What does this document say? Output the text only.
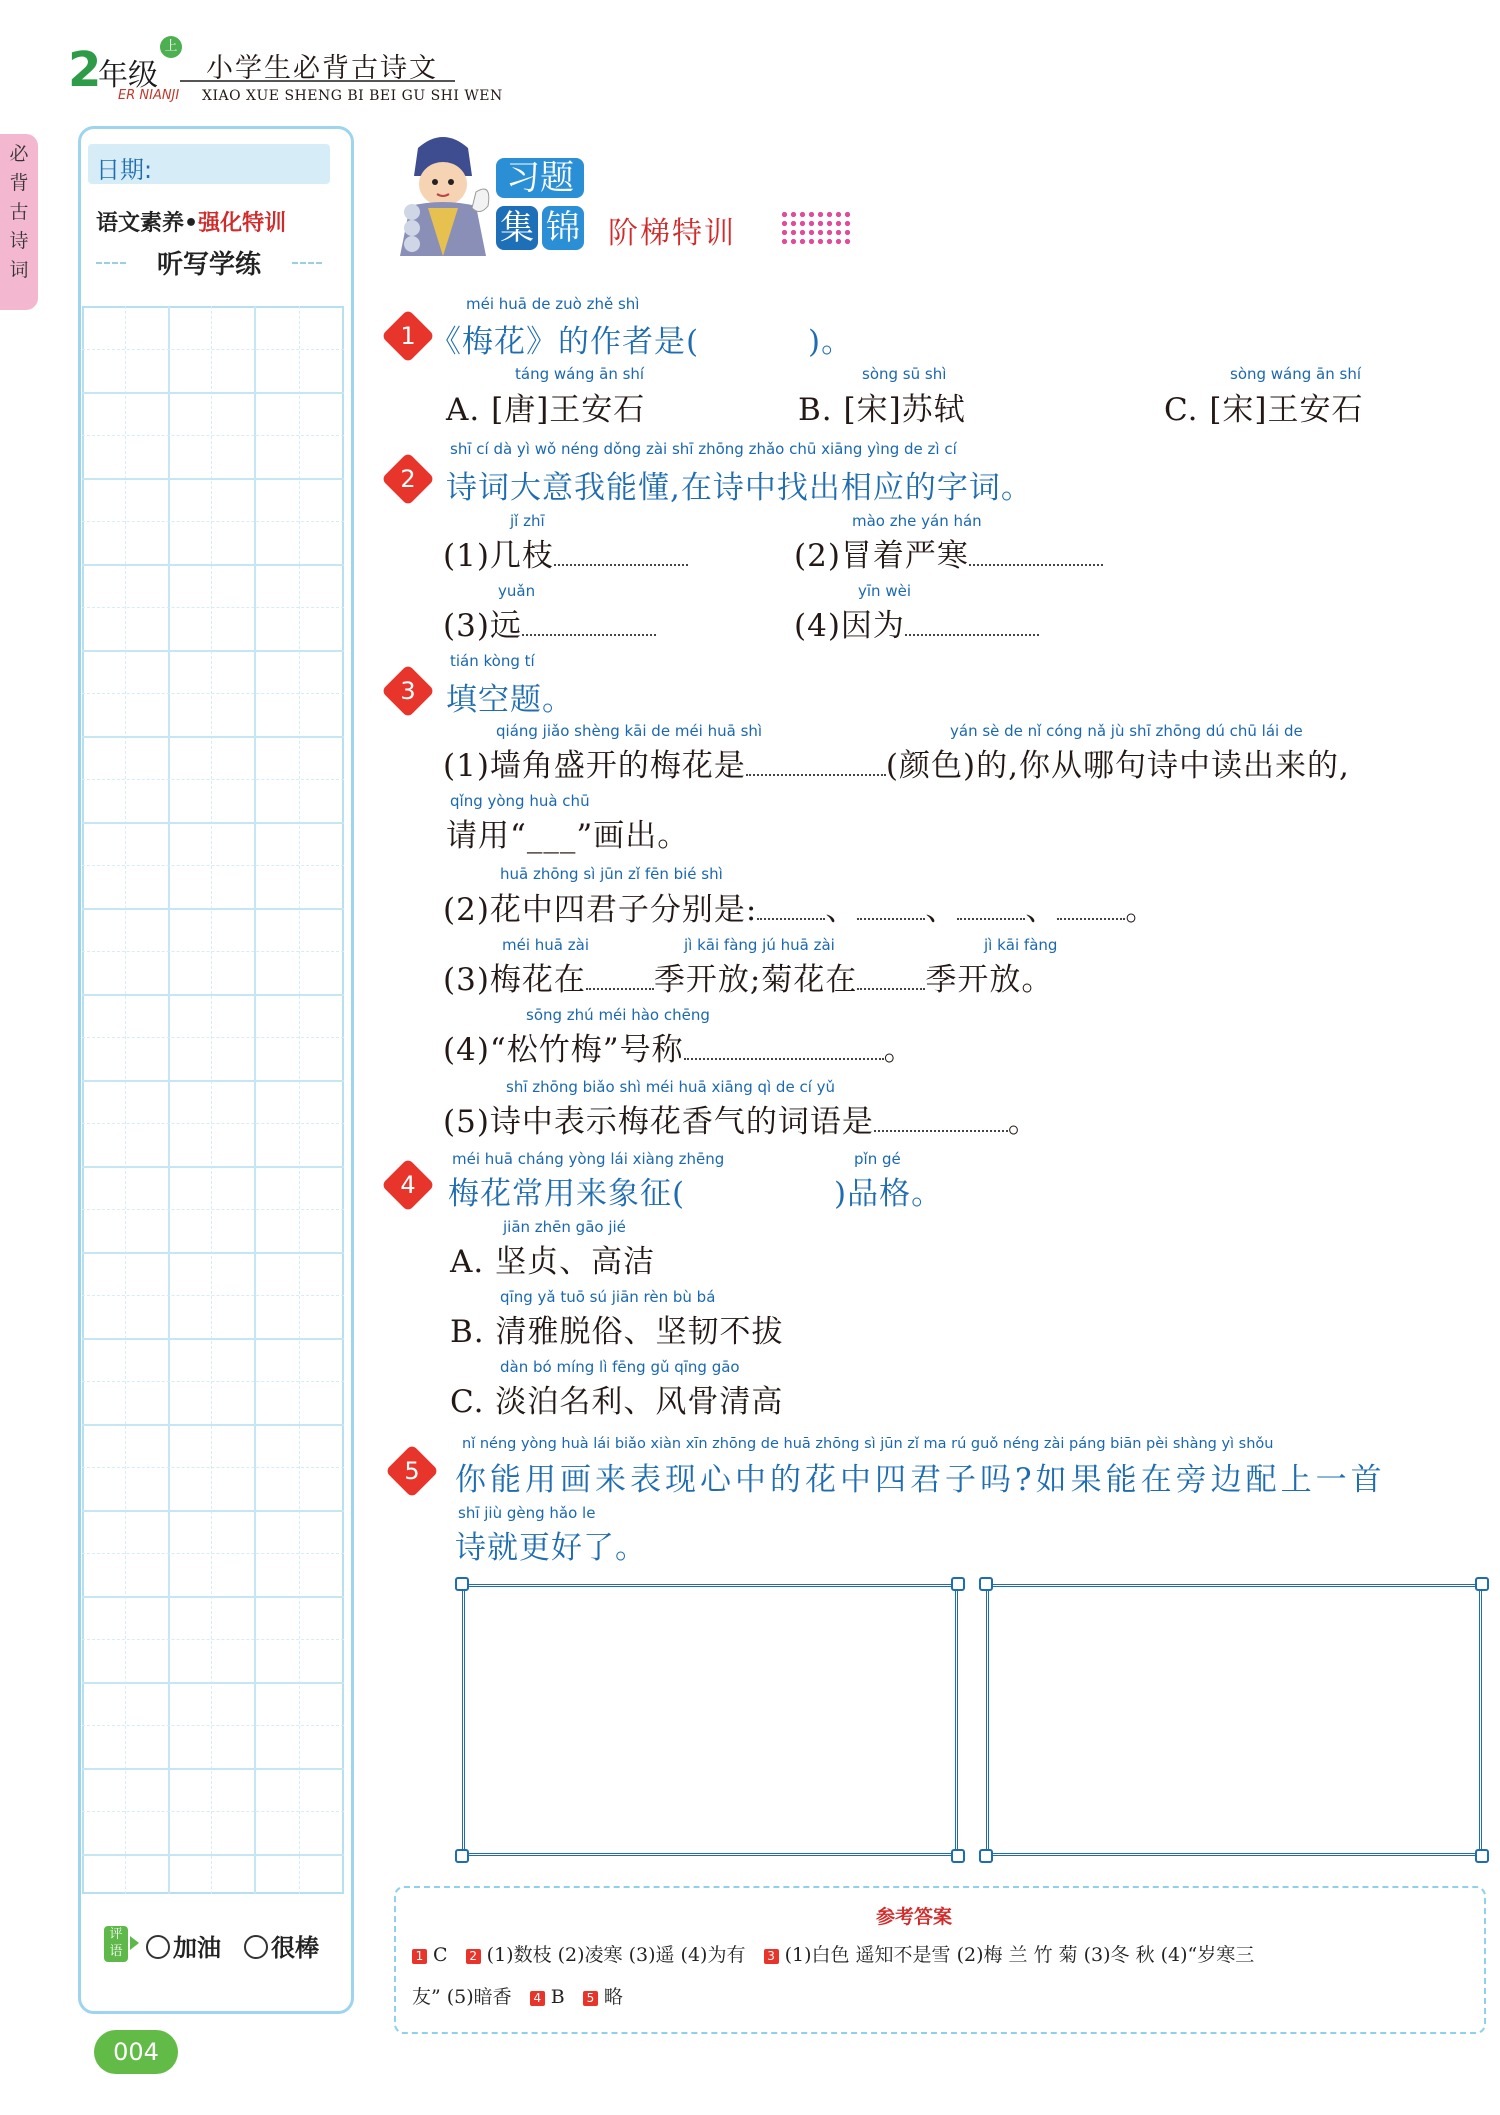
2
年级
上
ER NIANJI
小学生必背古诗文
XIAO XUE SHENG BI BEI GU SHI WEN
必
背
古
诗
词
日期:
语文素养•强化特训
听写学练
评语	加油	很棒
004
习题
集 锦 阶梯特训
1
méi huā de zuò zhě shì
《梅花》的作者是(	)。
táng wáng ān shí
A. [唐]王安石
sòng sū shì
B. [宋]苏轼
sòng wáng ān shí
C. [宋]王安石
2
shī cí dà yì wǒ néng dǒng zài shī zhōng zhǎo chū xiāng yìng de zì cí
诗词大意我能懂,在诗中找出相应的字词。
jǐ zhī
(1)几枝
mào zhe yán hán
(2)冒着严寒
yuǎn
(3)远
yīn wèi
(4)因为
3
tián kòng tí
填空题。
qiáng jiǎo shèng kāi de méi huā shì	yán sè de nǐ cóng nǎ jù shī zhōng dú chū lái de
(1)墙角盛开的梅花是	(颜色)的,你从哪句诗中读出来的,
qǐng yòng huà chū
请用“___”画出。
huā zhōng sì jūn zǐ fēn bié shì
(2)花中四君子分别是: 、 、 、 。
méi huā zài	jì kāi fàng jú huā zài	jì kāi fàng
(3)梅花在 季开放;菊花在 季开放。
sōng zhú méi hào chēng
(4)“松竹梅”号称	。
shī zhōng biǎo shì méi huā xiāng qì de cí yǔ
(5)诗中表示梅花香气的词语是	。
4
méi huā cháng yòng lái xiàng zhēng	pǐn gé
梅花常用来象征(	)品格。
jiān zhēn gāo jié
A. 坚贞、高洁
qīng yǎ tuō sú jiān rèn bù bá
B. 清雅脱俗、坚韧不拔
dàn bó míng lì fēng gǔ qīng gāo
C. 淡泊名利、风骨清高
5
nǐ néng yòng huà lái biǎo xiàn xīn zhōng de huā zhōng sì jūn zǐ ma rú guǒ néng zài páng biān pèi shàng yì shǒu
你能用画来表现心中的花中四君子吗?如果能在旁边配上一首
shī jiù gèng hǎo le
诗就更好了。
参考答案
1 C 2 (1)数枝 (2)凌寒 (3)遥 (4)为有 3 (1)白色 遥知不是雪 (2)梅 兰 竹 菊 (3)冬 秋 (4)“岁寒三
友” (5)暗香 4 B 5 略
